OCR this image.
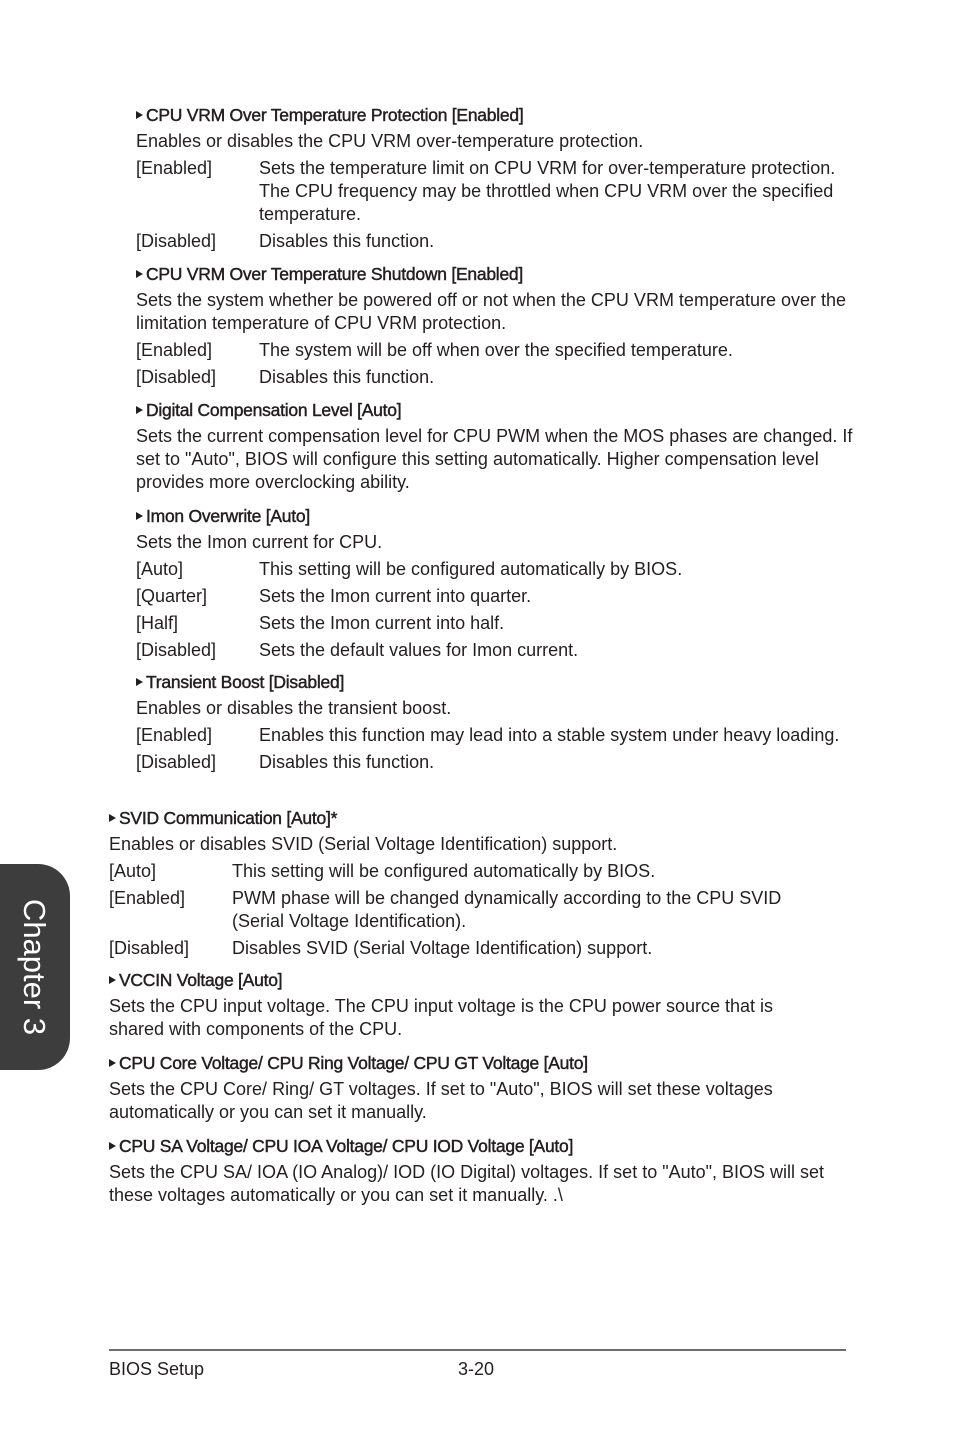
CPU VRM Over Temperature Protection [Enabled]
Enables or disables the CPU VRM over-temperature protection.
[Enabled]	Sets the temperature limit on CPU VRM for over-temperature protection. The CPU frequency may be throttled when CPU VRM over the specified temperature.
[Disabled]	Disables this function.
CPU VRM Over Temperature Shutdown [Enabled]
Sets the system whether be powered off or not when the CPU VRM temperature over the limitation temperature of CPU VRM protection.
[Enabled]	The system will be off when over the specified temperature.
[Disabled]	Disables this function.
Digital Compensation Level [Auto]
Sets the current compensation level for CPU PWM when the MOS phases are changed. If set to "Auto", BIOS will configure this setting automatically. Higher compensation level provides more overclocking ability.
Imon Overwrite [Auto]
Sets the Imon current for CPU.
[Auto]	This setting will be configured automatically by BIOS.
[Quarter]	Sets the Imon current into quarter.
[Half]	Sets the Imon current into half.
[Disabled]	Sets the default values for Imon current.
Transient Boost [Disabled]
Enables or disables the transient boost.
[Enabled]	Enables this function may lead into a stable system under heavy loading.
[Disabled]	Disables this function.
SVID Communication [Auto]*
Enables or disables SVID (Serial Voltage Identification) support.
[Auto]	This setting will be configured automatically by BIOS.
[Enabled]	PWM phase will be changed dynamically according to the CPU SVID (Serial Voltage Identification).
[Disabled]	Disables SVID (Serial Voltage Identification) support.
VCCIN Voltage [Auto]
Sets the CPU input voltage. The CPU input voltage is the CPU power source that is shared with components of the CPU.
CPU Core Voltage/ CPU Ring Voltage/ CPU GT Voltage [Auto]
Sets the CPU Core/ Ring/ GT voltages. If set to "Auto", BIOS will set these voltages automatically or you can set it manually.
CPU SA Voltage/ CPU IOA Voltage/ CPU IOD Voltage [Auto]
Sets the CPU SA/ IOA (IO Analog)/ IOD (IO Digital) voltages. If set to "Auto", BIOS will set these voltages automatically or you can set it manually. .\
Chapter 3
BIOS Setup	3-20
